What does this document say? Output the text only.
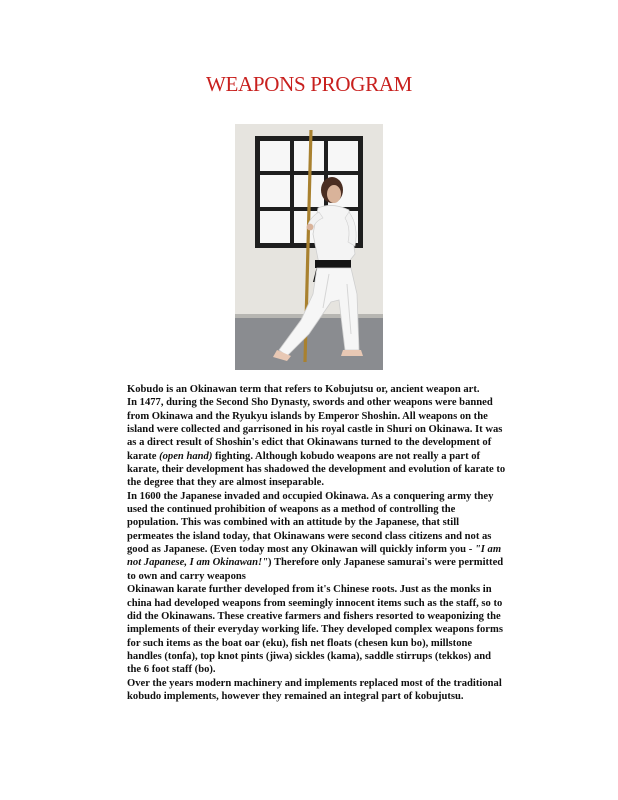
WEAPONS PROGRAM

Kobudo is an Okinawan term that refers to Kobujutsu or, ancient weapon art.

In 1477, during the Second Sho Dynasty, swords and other weapons were banned from Okinawa and the Ryukyu islands by Emperor Shoshin. All weapons on the island were collected and garrisoned in his royal castle in Shuri on Okinawa. It was as a direct result of Shoshin's edict that Okinawans turned to the development of karate (open hand) fighting. Although kobudo weapons are not really a part of karate, their development has shadowed the development and evolution of karate to the degree that they are almost inseparable.

In 1600 the Japanese invaded and occupied Okinawa. As a conquering army they used the continued prohibition of weapons as a method of controlling the population. This was combined with an attitude by the Japanese, that still permeates the island today, that Okinawans were second class citizens and not as good as Japanese. (Even today most any Okinawan will quickly inform you - "I am not Japanese, I am Okinawan!") Therefore only Japanese samurai's were permitted to own and carry weapons

Okinawan karate further developed from it's Chinese roots. Just as the monks in china had developed weapons from seemingly innocent items such as the staff, so to did the Okinawans. These creative farmers and fishers resorted to weaponizing the implements of their everyday working life. They developed complex weapons forms for such items as the boat oar (eku), fish net floats (chesen kun bo), millstone handles (tonfa), top knot pints (jiwa) sickles (kama), saddle stirrups (tekkos) and the 6 foot staff (bo).

Over the years modern machinery and implements replaced most of the traditional kobudo implements, however they remained an integral part of kobujutsu.
